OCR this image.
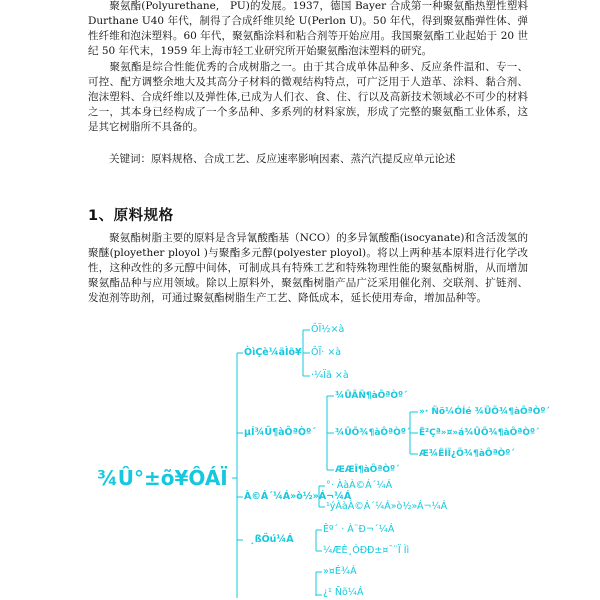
　　聚氨酯(Polyurethane,　PU)的发展。1937，德国 Bayer 合成第一种聚氨酯热塑性塑料 Durthane U40 年代，制得了合成纤维贝纶 U(Perlon U)。50 年代，得到聚氨酯弹性体、弹性纤维和泡沫塑料。60 年代，聚氨酯涂料和粘合剂等开始应用。我国聚氨酯工业起始于 20 世纪 50 年代末，1959 年上海市轻工业研究所开始聚氨酯泡沫塑料的研究。

　　聚氨酯是综合性能优秀的合成树脂之一。由于其合成单体品种多、反应条件温和、专一、可控、配方调整余地大及其高分子材料的微观结构特点，可广泛用于人造革、涂料、黏合剂、泡沫塑料、合成纤维以及弹性体,已成为人们衣、食、住、行以及高新技术领域必不可少的材料之一，其本身已经构成了一个多品种、多系列的材料家族，形成了完整的聚氨酯工业体系，这是其它树脂所不具备的。

　　关键词：原料规格、合成工艺、反应速率影响因素、蒸汽汽提反应单元论述

1、原料规格

　　聚氨酯树脂主要的原料是含异氰酸酯基（NCO）的多异氰酸酯(isocyanate)和含活泼氢的聚醚(ployether ployol )与聚酯多元醇(polyester ployol)。将以上两种基本原料进行化学改性，这种改性的多元醇中间体，可制成具有特殊工艺和特殊物理性能的聚氨酯树脂，从而增加聚氨酯品种与应用领域。除以上原料外，聚氨酯树脂产品广泛采用催化剂、交联剂、扩链剂、发泡剂等助剂，可通过聚氨酯树脂生产工艺、降低成本，延长使用寿命，增加品种等。

¾Û°±õ¥ÔÁÏ
ÒìÇè¼äÌõ¥
ÔÏ½×à
ÔÏ· ×à
·¼Ïã ×à
µÍ¾Û¶àÔªÒº´
¾ÛÃÑ¶àÔªÒº´
¾ÛÕ¾¶àÔªÒº´
»· Ñõ¼ÓÍé ¾ÛÕ¾¶àÔªÒº´
Ë²Çª»¤»á¾ÛÕ¾¶àÔªÒº´
Æ¾ÊÍÎ¿Õ¾¶àÔªÒº´
ÆÆÎ¶àÔªÒº´
À©Á´¼Á»ò½»Á¬¼Á
°· ÀàÀ©Á´¼Á
¹ýÀàÀ©Á´¼Á»ò½»Á¬¼Á
¸ßÖú¼Á
Êº´ · À¨Ð¬´¼Á
¼ÆÈ¸ÓÐÐ±¤¯¨Ï Ìì
»¤É¾Á
¿¹ Ñõ¼Á
